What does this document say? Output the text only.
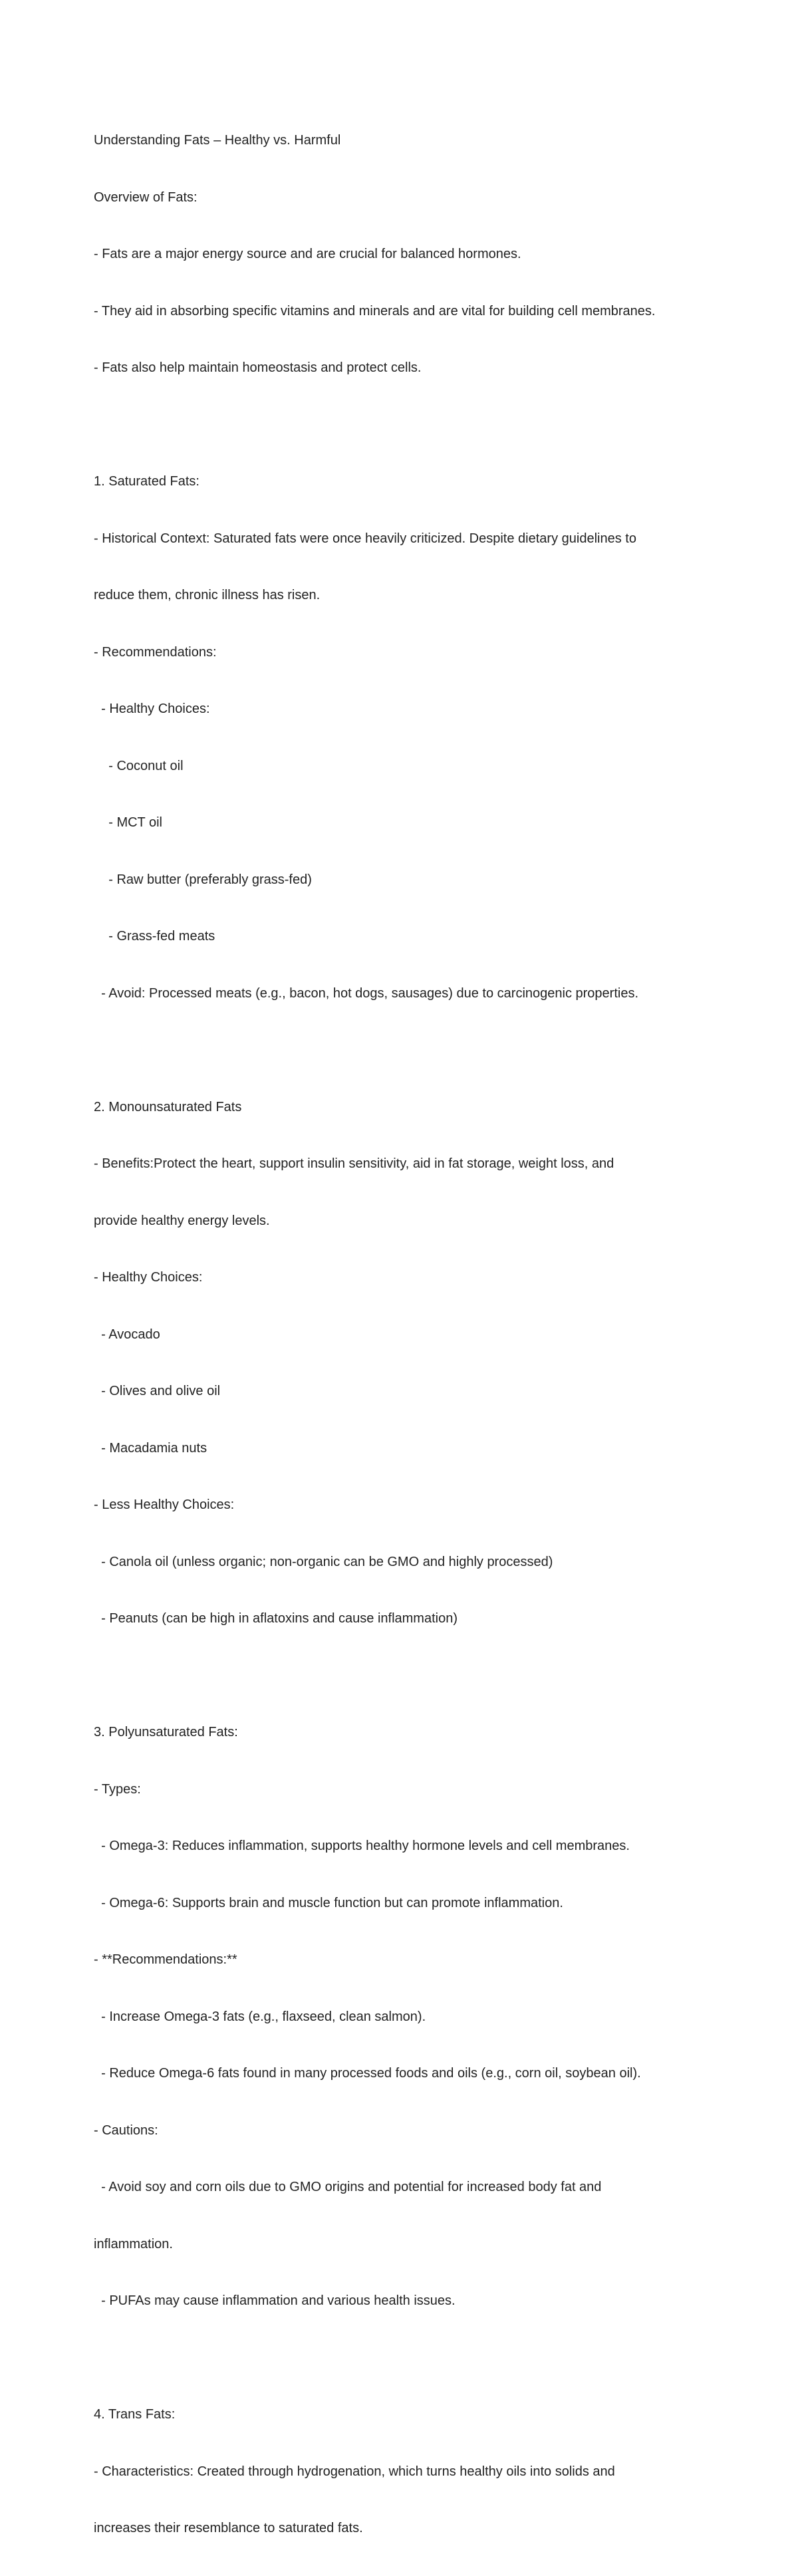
Understanding Fats – Healthy vs. Harmful

Overview of Fats:

- Fats are a major energy source and are crucial for balanced hormones.

- They aid in absorbing specific vitamins and minerals and are vital for building cell membranes.

- Fats also help maintain homeostasis and protect cells.

1. Saturated Fats:

- Historical Context: Saturated fats were once heavily criticized. Despite dietary guidelines to

reduce them, chronic illness has risen.

- Recommendations:

- Healthy Choices:

- Coconut oil

- MCT oil

- Raw butter (preferably grass-fed)

- Grass-fed meats

- Avoid: Processed meats (e.g., bacon, hot dogs, sausages) due to carcinogenic properties.

2. Monounsaturated Fats

- Benefits:Protect the heart, support insulin sensitivity, aid in fat storage, weight loss, and

provide healthy energy levels.

- Healthy Choices:

- Avocado

- Olives and olive oil

- Macadamia nuts

- Less Healthy Choices:

- Canola oil (unless organic; non-organic can be GMO and highly processed)

- Peanuts (can be high in aflatoxins and cause inflammation)

3. Polyunsaturated Fats:

- Types:

- Omega-3: Reduces inflammation, supports healthy hormone levels and cell membranes.

- Omega-6: Supports brain and muscle function but can promote inflammation.

- **Recommendations:**

- Increase Omega-3 fats (e.g., flaxseed, clean salmon).

- Reduce Omega-6 fats found in many processed foods and oils (e.g., corn oil, soybean oil).

- Cautions:

- Avoid soy and corn oils due to GMO origins and potential for increased body fat and

inflammation.

- PUFAs may cause inflammation and various health issues.

4. Trans Fats:

- Characteristics: Created through hydrogenation, which turns healthy oils into solids and

increases their resemblance to saturated fats.
